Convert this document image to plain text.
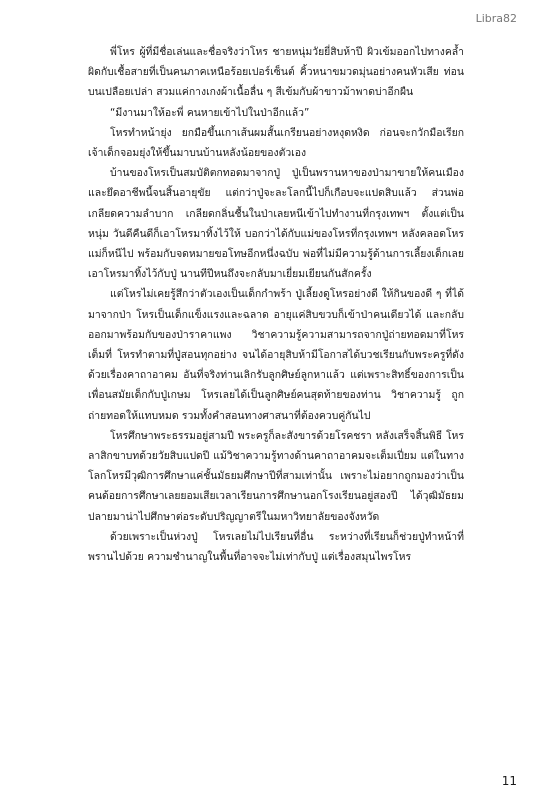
Libra82

พี่โหร ผู้ที่มีชื่อเล่นและชื่อจริงว่าโหร ชายหนุ่มวัยยี่สิบห้าปี ผิวเข้มออกไปทางคล้ำผิดกับเชื้อสายที่เป็นคนภาคเหนือร้อยเปอร์เซ็นต์ คิ้วหนาขมวดมุ่นอย่างคนหัวเสีย ท่อนบนเปลือยเปล่า สวมแค่กางเกงผ้าเนื้อลื่น ๆ สีเข้มกับผ้าขาวม้าพาดบ่าอีกผืน

“มีงานมาให้อะพี่ คนหายเข้าไปในป่าอีกแล้ว”

โหรทำหน้ายุ่ง ยกมือขึ้นเกาเส้นผมสั้นเกรียนอย่างหงุดหงิด ก่อนจะกวักมือเรียกเจ้าเด็กจอมยุ่งให้ขึ้นมาบนบ้านหลังน้อยของตัวเอง

บ้านของโหรเป็นสมบัติตกทอดมาจากปู่ ปู่เป็นพรานหาของป่ามาขายให้คนเมืองและยึดอาชีพนี้จนสิ้นอายุขัย แต่กว่าปู่จะละโลกนี้ไปก็เกือบจะแปดสิบแล้ว ส่วนพ่อเกลียดความลำบาก เกลียดกลิ่นชื้นในป่าเลยหนีเข้าไปทำงานที่กรุงเทพฯ ตั้งแต่เป็นหนุ่ม วันดีคืนดีก็เอาโหรมาทิ้งไว้ให้ บอกว่าได้กับแม่ของโหรที่กรุงเทพฯ หลังคลอดโหรแม่ก็หนีไป พร้อมกับจดหมายขอโทษอีกหนึ่งฉบับ พ่อที่ไม่มีความรู้ด้านการเลี้ยงเด็กเลยเอาโหรมาทิ้งไว้กับปู่ นานทีปีหนถึงจะกลับมาเยี่ยมเยียนกันสักครั้ง

แต่โหรไม่เคยรู้สึกว่าตัวเองเป็นเด็กกำพร้า ปู่เลี้ยงดูโหรอย่างดี ให้กินของดี ๆ ที่ได้มาจากป่า โหรเป็นเด็กแข็งแรงและฉลาด อายุแค่สิบขวบก็เข้าป่าคนเดียวได้ และกลับออกมาพร้อมกับของป่าราคาแพง วิชาความรู้ความสามารถจากปู่ถ่ายทอดมาที่โหรเต็มที่ โหรทำตามที่ปู่สอนทุกอย่าง จนได้อายุสิบห้ามีโอกาสได้บวชเรียนกับพระครูที่ดังด้วยเรื่องคาถาอาคม อันที่จริงท่านเลิกรับลูกศิษย์ลูกหาแล้ว แต่เพราะสิทธิ์ของการเป็นเพื่อนสมัยเด็กกับปู่เกษม โหรเลยได้เป็นลูกศิษย์คนสุดท้ายของท่าน วิชาความรู้ ถูกถ่ายทอดให้แทบหมด รวมทั้งคำสอนทางศาสนาที่ต้องควบคู่กันไป

โหรศึกษาพระธรรมอยู่สามปี พระครูก็ละสังขารด้วยโรคชรา หลังเสร็จสิ้นพิธี โหรลาสิกขาบทด้วยวัยสิบแปดปี แม้วิชาความรู้ทางด้านคาถาอาคมจะเต็มเปี่ยม แต่ในทางโลกโหรมีวุฒิการศึกษาแค่ชั้นมัธยมศึกษาปีที่สามเท่านั้น เพราะไม่อยากถูกมองว่าเป็นคนด้อยการศึกษาเลยยอมเสียเวลาเรียนการศึกษานอกโรงเรียนอยู่สองปี ได้วุฒิมัธยมปลายมาน่าไปศึกษาต่อระดับปริญญาตรีในมหาวิทยาลัยของจังหวัด

ด้วยเพราะเป็นห่วงปู่ โหรเลยไม่ไปเรียนที่อื่น ระหว่างที่เรียนก็ช่วยปู่ทำหน้าที่พรานไปด้วย ความชำนาญในพื้นที่อาจจะไม่เท่ากับปู่ แต่เรื่องสมุนไพรโหร

11
